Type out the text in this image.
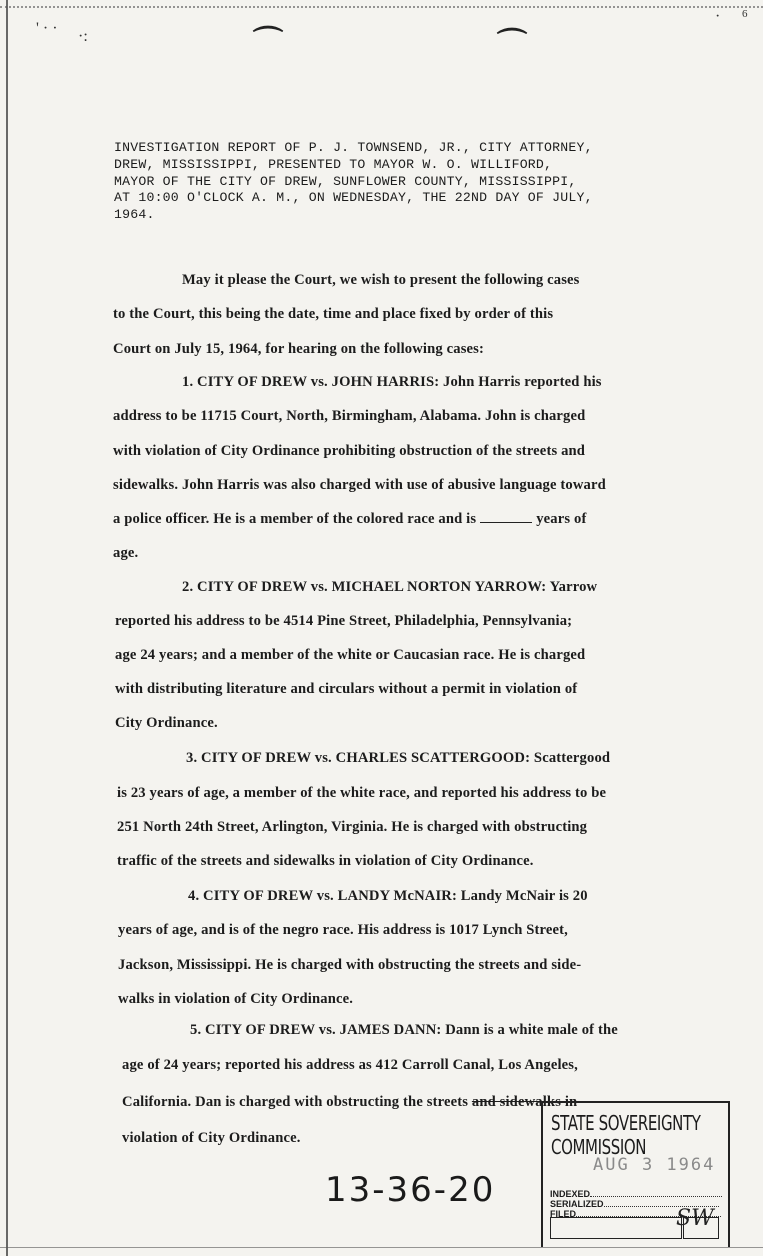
' · · ·:
· 6
⌒	⌒
INVESTIGATION REPORT OF P. J. TOWNSEND, JR., CITY ATTORNEY,
DREW, MISSISSIPPI, PRESENTED TO MAYOR W. O. WILLIFORD,
MAYOR OF THE CITY OF DREW, SUNFLOWER COUNTY, MISSISSIPPI,
AT 10:00 O'CLOCK A. M., ON WEDNESDAY, THE 22ND DAY OF JULY,
1964.
May it please the Court, we wish to present the following cases
to the Court, this being the date, time and place fixed by order of this
Court on July 15, 1964, for hearing on the following cases:
1. CITY OF DREW vs. JOHN HARRIS: John Harris reported his
address to be 11715 Court, North, Birmingham, Alabama. John is charged
with violation of City Ordinance prohibiting obstruction of the streets and
sidewalks. John Harris was also charged with use of abusive language toward
a police officer. He is a member of the colored race and is	years of
age.
2. CITY OF DREW vs. MICHAEL NORTON YARROW: Yarrow
reported his address to be 4514 Pine Street, Philadelphia, Pennsylvania;
age 24 years; and a member of the white or Caucasian race. He is charged
with distributing literature and circulars without a permit in violation of
City Ordinance.
3. CITY OF DREW vs. CHARLES SCATTERGOOD: Scattergood
is 23 years of age, a member of the white race, and reported his address to be
251 North 24th Street, Arlington, Virginia. He is charged with obstructing
traffic of the streets and sidewalks in violation of City Ordinance.
4. CITY OF DREW vs. LANDY McNAIR: Landy McNair is 20
years of age, and is of the negro race. His address is 1017 Lynch Street,
Jackson, Mississippi. He is charged with obstructing the streets and side-
walks in violation of City Ordinance.
5. CITY OF DREW vs. JAMES DANN: Dann is a white male of the
age of 24 years; reported his address as 412 Carroll Canal, Los Angeles,
California. Dan is charged with obstructing the streets and sidewalks in
violation of City Ordinance.
13-36-20
STATE SOVEREIGNTY COMMISSION
AUG 3 1964
INDEXED
SERIALIZED
FILED	SW
